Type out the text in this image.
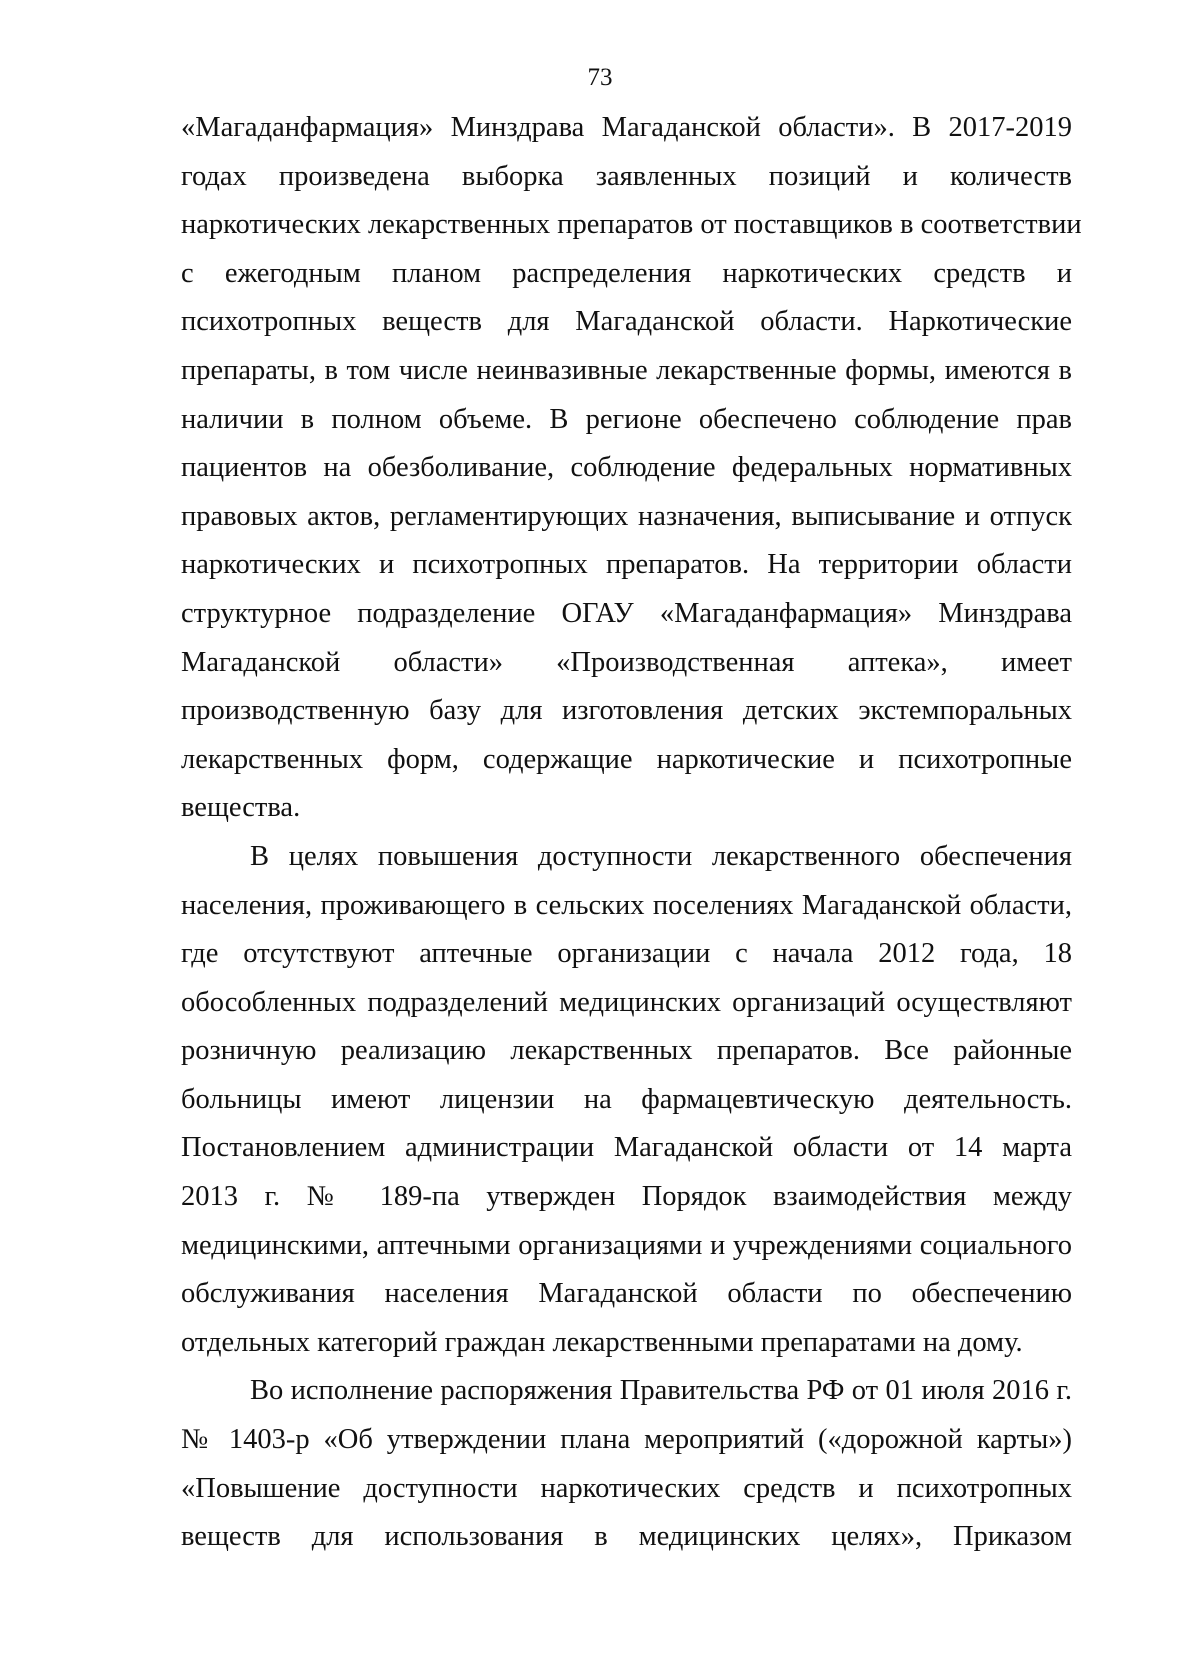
73

«Магаданфармация» Минздрава Магаданской области». В 2017-2019
годах произведена выборка заявленных позиций и количеств
наркотических лекарственных препаратов от поставщиков в соответствии
с ежегодным планом распределения наркотических средств и
психотропных веществ для Магаданской области. Наркотические
препараты, в том числе неинвазивные лекарственные формы, имеются в
наличии в полном объеме. В регионе обеспечено соблюдение прав
пациентов на обезболивание, соблюдение федеральных нормативных
правовых актов, регламентирующих назначения, выписывание и отпуск
наркотических и психотропных препаратов. На территории области
структурное подразделение ОГАУ «Магаданфармация» Минздрава
Магаданской области» «Производственная аптека», имеет
производственную базу для изготовления детских экстемпоральных
лекарственных форм, содержащие наркотические и психотропные
вещества.

В целях повышения доступности лекарственного обеспечения
населения, проживающего в сельских поселениях Магаданской области,
где отсутствуют аптечные организации с начала 2012 года, 18
обособленных подразделений медицинских организаций осуществляют
розничную реализацию лекарственных препаратов. Все районные
больницы имеют лицензии на фармацевтическую деятельность.
Постановлением администрации Магаданской области от 14 марта
2013 г. № 189-па утвержден Порядок взаимодействия между
медицинскими, аптечными организациями и учреждениями социального
обслуживания населения Магаданской области по обеспечению
отдельных категорий граждан лекарственными препаратами на дому.

Во исполнение распоряжения Правительства РФ от 01 июля 2016 г.
№ 1403-р «Об утверждении плана мероприятий («дорожной карты»)
«Повышение доступности наркотических средств и психотропных
веществ для использования в медицинских целях», Приказом
